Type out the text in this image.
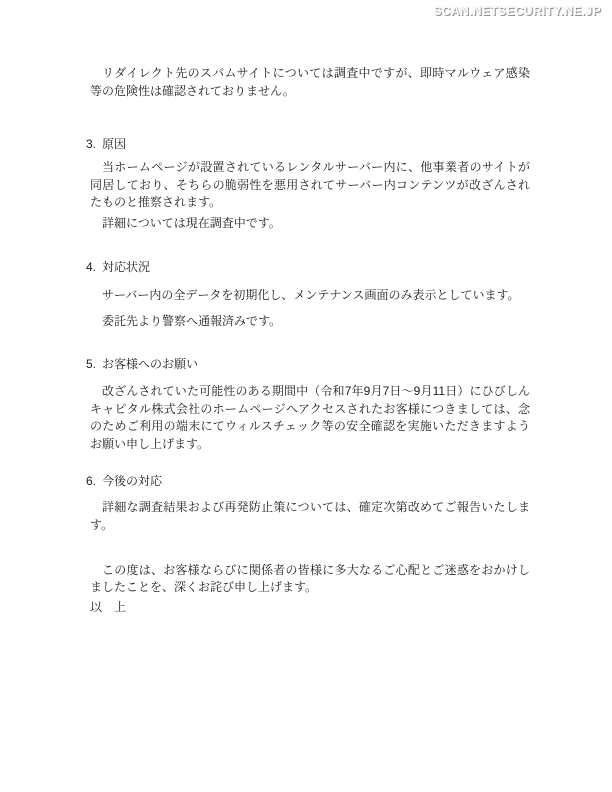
SCAN.NETSECURITY.NE.JP

リダイレクト先のスパムサイトについては調査中ですが、即時マルウェア感染等の危険性は確認されておりません。

3. 原因

当ホームページが設置されているレンタルサーバー内に、他事業者のサイトが同居しており、そちらの脆弱性を悪用されてサーバー内コンテンツが改ざんされたものと推察されます。

詳細については現在調査中です。

4. 対応状況

サーバー内の全データを初期化し、メンテナンス画面のみ表示としています。

委託先より警察へ通報済みです。

5. お客様へのお願い

改ざんされていた可能性のある期間中（令和7年9月7日～9月11日）にひびしんキャピタル株式会社のホームページへアクセスされたお客様につきましては、念のためご利用の端末にてウィルスチェック等の安全確認を実施いただきますようお願い申し上げます。

6. 今後の対応

詳細な調査結果および再発防止策については、確定次第改めてご報告いたします。

この度は、お客様ならびに関係者の皆様に多大なるご心配とご迷惑をおかけしましたことを、深くお詫び申し上げます。

以　上
